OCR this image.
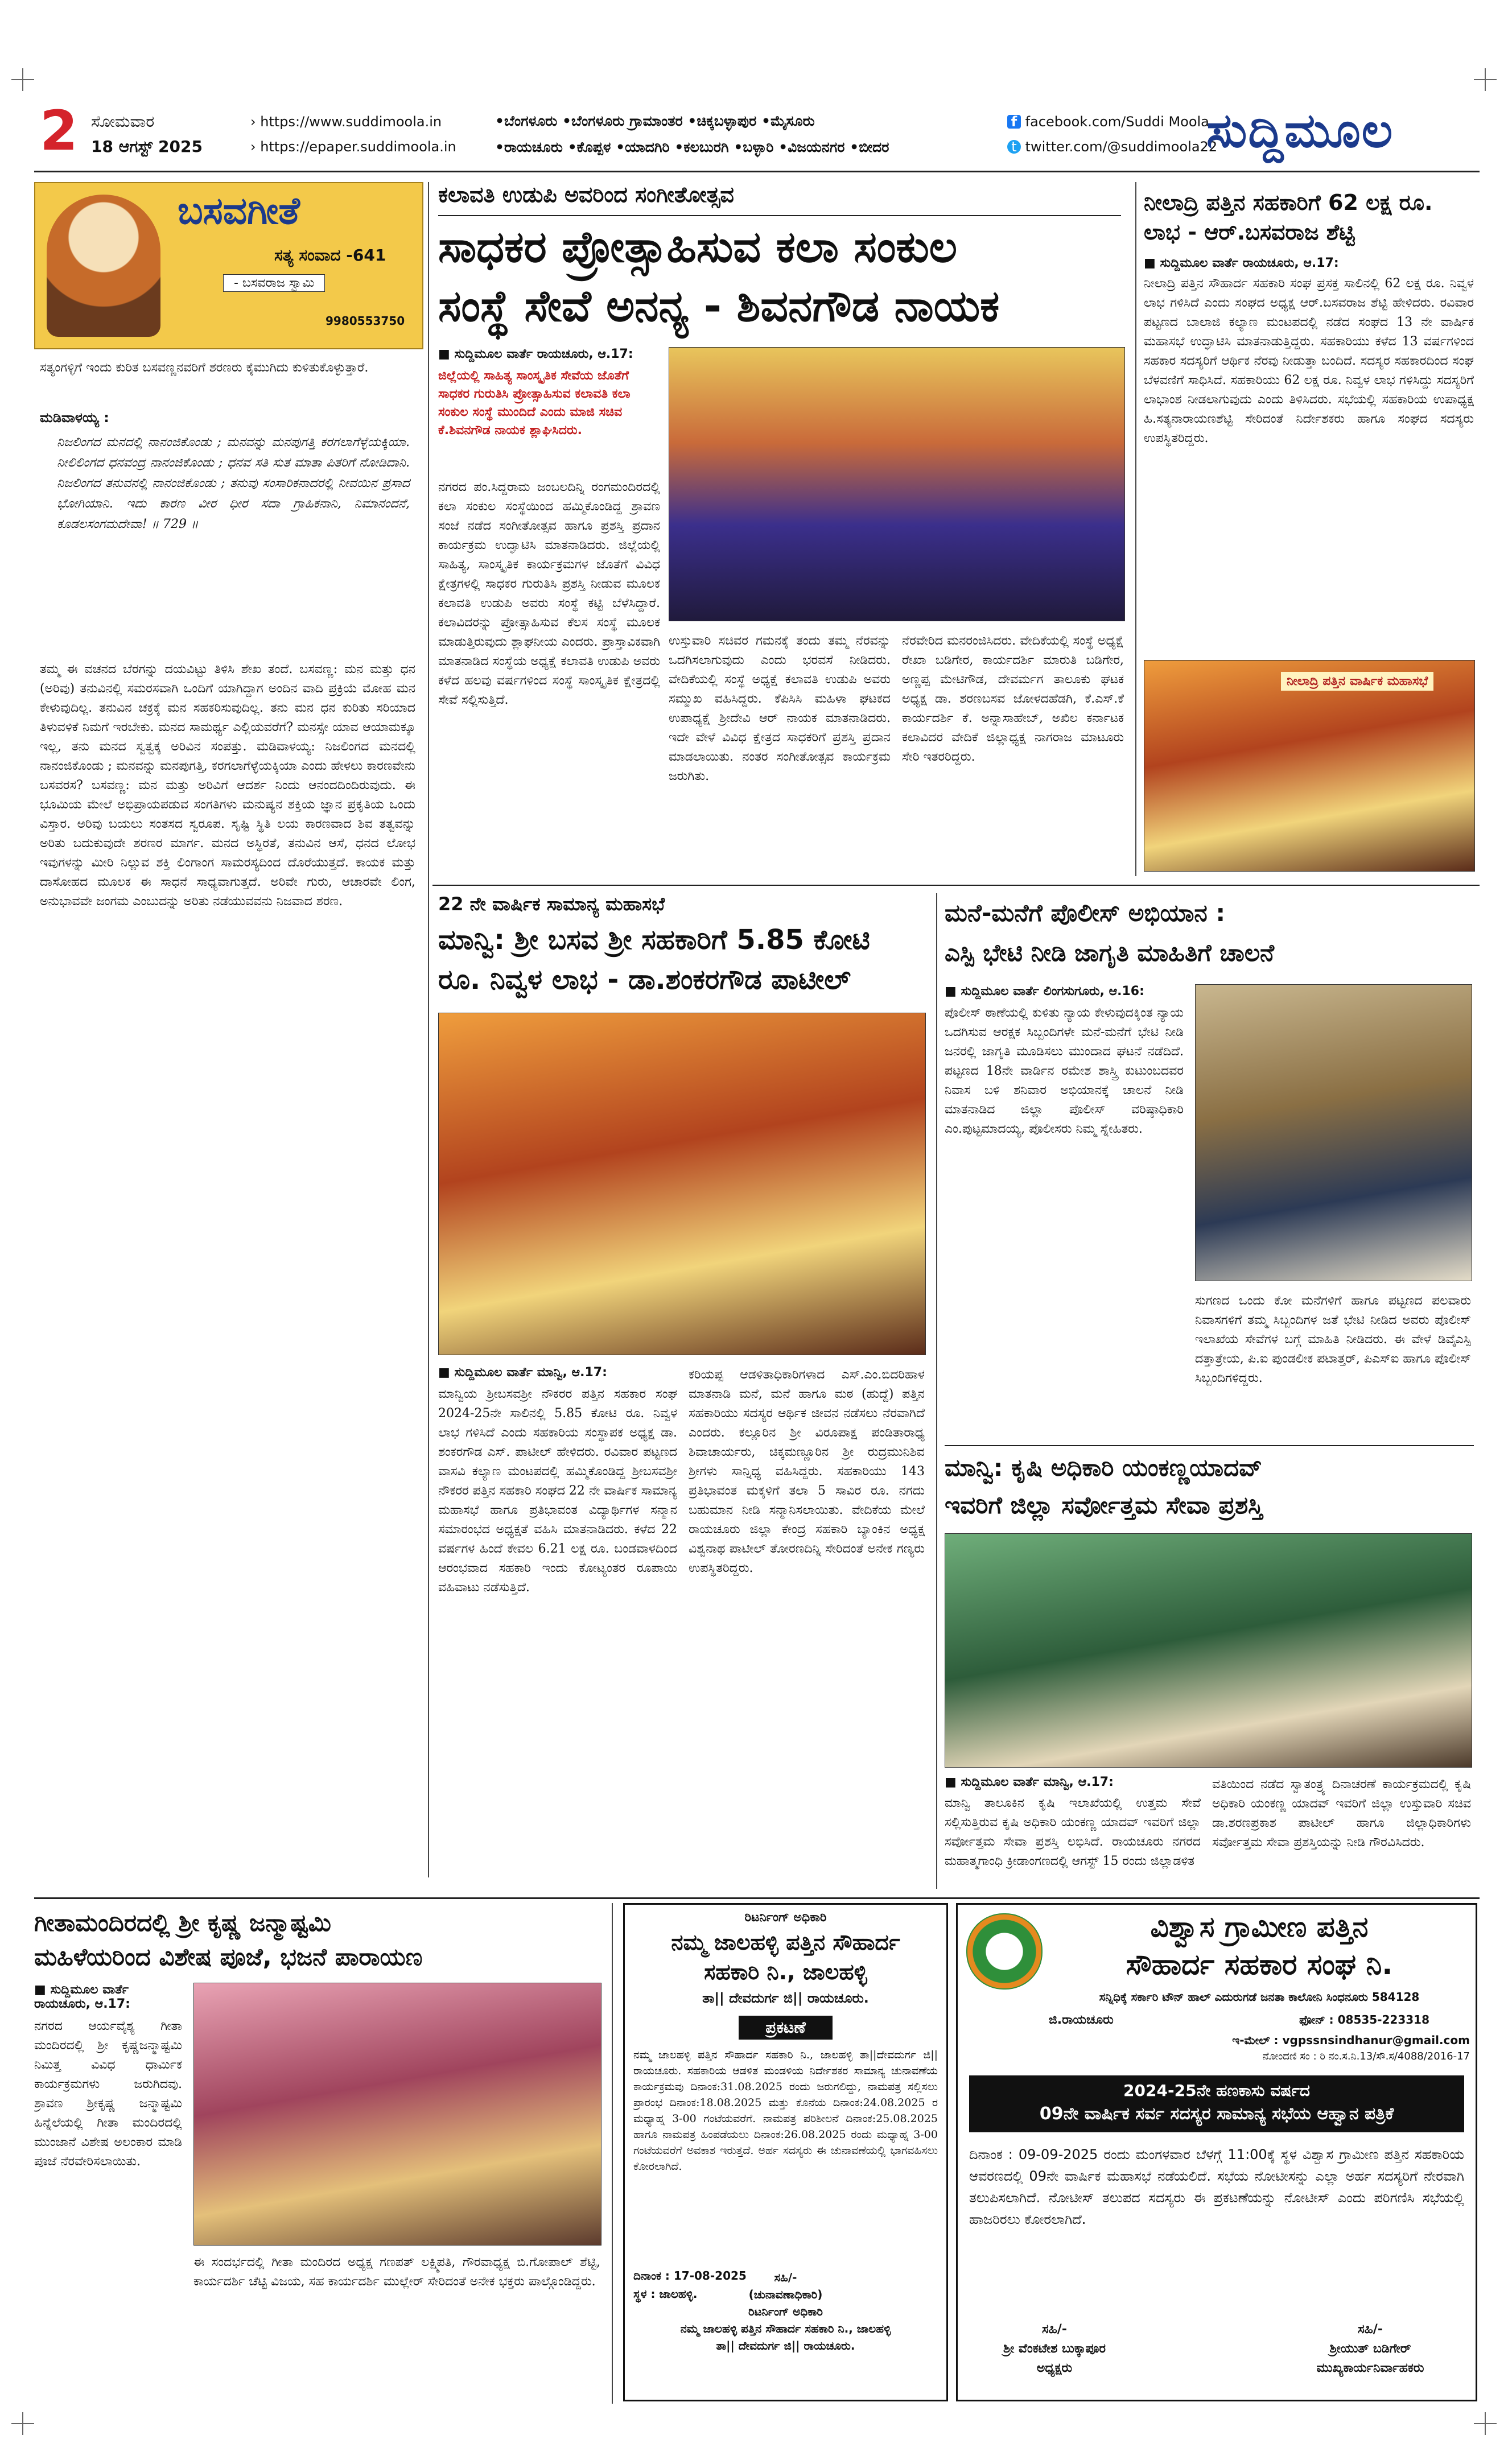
2 ಸೋಮವಾರ
18 ಆಗಸ್ಟ್ 2025
› https://www.suddimoola.in
› https://epaper.suddimoola.in
•ಬೆಂಗಳೂರು •ಬೆಂಗಳೂರು ಗ್ರಾಮಾಂತರ •ಚಿಕ್ಕಬಳ್ಳಾಪುರ •ಮೈಸೂರು
•ರಾಯಚೂರು •ಕೊಪ್ಪಳ •ಯಾದಗಿರಿ •ಕಲಬುರಗಿ •ಬಳ್ಳಾರಿ •ವಿಜಯನಗರ •ಬೀದರ
f facebook.com/Suddi Moola
t twitter.com/@suddimoola22
ಸುದ್ದಿಮೂಲ
ಬಸವಗೀತೆ
ಸತ್ಯ ಸಂವಾದ -641
- ಬಸವರಾಜ ಸ್ವಾಮಿ
9980553750
ಸತ್ಯಂಗಳ್ಳಿಗೆ ಇಂದು ಕುರಿತ ಬಸವಣ್ಣನವರಿಗೆ ಶರಣರು ಕೈಮುಗಿದು ಕುಳಿತುಕೊಳ್ಳುತ್ತಾರೆ.
ಮಡಿವಾಳಯ್ಯ :
ನಿಜಲಿಂಗದ ಮನದಲ್ಲಿ ನಾನಂಜಿಕೊಂಡು ; ಮನವನ್ನು ಮನಪುಗತ್ತಿ ಕರಗಲಾಗೆಳ್ಳೆಯಕ್ಕಿಯಾ. ನೀಲಿಲಿಂಗದ ಧನವಂದ್ರ ನಾನಂಜಿಕೊಂಡು ; ಧನವ ಸತಿ ಸುತ ಮಾತಾ ಪಿತರಿಗೆ ನೋಡಿದಾನಿ. ನಿಜಲಿಂಗದ ತನುವನಲ್ಲಿ ನಾನಂಜಿಕೊಂಡು ; ತನುವು ಸಂಸಾರಿಕನಾದರಲ್ಲಿ ನೀವಯಿನ ಪ್ರಸಾದ ಭೋಗಿಯಾನಿ. ಇದು ಕಾರಣ ವೀರ ಧೀರ ಸದಾ ಗ್ರಾಹಿಕನಾನಿ, ನಿಮಾನಂದನೆ, ಕೂಡಲಸಂಗಮದೇವಾ! ॥ 729 ॥
ತಮ್ಮ ಈ ವಚನದ ಬೆರಗನ್ನು ದಯವಿಟ್ಟು ತಿಳಿಸಿ ಶೇಖ ತಂದೆ. ಬಸವಣ್ಣ: ಮನ ಮತ್ತು ಧನ (ಅರಿವು) ತನುವಿನಲ್ಲಿ ಸಮರಸವಾಗಿ ಒಂದಿಗೆ ಯಾಗಿದ್ದಾಗ ಅಂದಿನ ವಾದಿ ಪ್ರಕ್ರಿಯೆ ಮೋಹ ಮನ ಕೇಳುವುದಿಲ್ಲ. ತನುವಿನ ಚಕ್ರಕ್ಕೆ ಮನ ಸಹಕರಿಸುವುದಿಲ್ಲ. ತನು ಮನ ಧನ ಕುರಿತು ಸರಿಯಾದ ತಿಳುವಳಿಕೆ ನಿಮಗೆ ಇರಬೇಕು. ಮನದ ಸಾಮರ್ಥ್ಯ ಎಲ್ಲಿಯವರೆಗೆ? ಮನಸ್ಸೇ ಯಾವ ಆಯಾಮಕ್ಕೂ ಇಲ್ಲ, ತನು ಮನದ ಸ್ವತ್ವಕ್ಕ ಅರಿವಿನ ಸಂಪತ್ತು. ಮಡಿವಾಳಯ್ಯ: ನಿಜಲಿಂಗದ ಮನದಲ್ಲಿ ನಾನಂಜಿಕೊಂಡು ; ಮನವನ್ನು ಮನಪುಗತ್ತಿ, ಕರಗಲಾಗೆಳ್ಳೆಯಕ್ಕಿಯಾ ಎಂದು ಹೇಳಲು ಕಾರಣವೇನು ಬಸವರಸ? ಬಸವಣ್ಣ: ಮನ ಮತ್ತು ಅರಿವಿಗೆ ಆದರ್ಶ ನಿಂದು ಆನಂದದಿಂದಿರುವುದು. ಈ ಭೂಮಿಯ ಮೇಲೆ ಅಭಿಪ್ರಾಯಪಡುವ ಸಂಗತಿಗಳು ಮನುಷ್ಯನ ಶಕ್ತಿಯ ಜ್ಞಾನ ಪ್ರಕೃತಿಯ ಒಂದು ವಿಸ್ತಾರ. ಅರಿವು ಬಯಲು ಸಂತಸದ ಸ್ವರೂಪ. ಸೃಷ್ಟಿ ಸ್ಥಿತಿ ಲಯ ಕಾರಣವಾದ ಶಿವ ತತ್ವವನ್ನು ಅರಿತು ಬದುಕುವುದೇ ಶರಣರ ಮಾರ್ಗ. ಮನದ ಅಸ್ಥಿರತೆ, ತನುವಿನ ಆಸೆ, ಧನದ ಲೋಭ ಇವುಗಳನ್ನು ಮೀರಿ ನಿಲ್ಲುವ ಶಕ್ತಿ ಲಿಂಗಾಂಗ ಸಾಮರಸ್ಯದಿಂದ ದೊರೆಯುತ್ತದೆ. ಕಾಯಕ ಮತ್ತು ದಾಸೋಹದ ಮೂಲಕ ಈ ಸಾಧನೆ ಸಾಧ್ಯವಾಗುತ್ತದೆ. ಅರಿವೇ ಗುರು, ಆಚಾರವೇ ಲಿಂಗ, ಅನುಭಾವವೇ ಜಂಗಮ ಎಂಬುದನ್ನು ಅರಿತು ನಡೆಯುವವನು ನಿಜವಾದ ಶರಣ.
ಕಲಾವತಿ ಉಡುಪಿ ಅವರಿಂದ ಸಂಗೀತೋತ್ಸವ
ಸಾಧಕರ ಪ್ರೋತ್ಸಾಹಿಸುವ ಕಲಾ ಸಂಕುಲ
ಸಂಸ್ಥೆ ಸೇವೆ ಅನನ್ಯ - ಶಿವನಗೌಡ ನಾಯಕ
■ ಸುದ್ದಿಮೂಲ ವಾರ್ತೆ ರಾಯಚೂರು, ಆ.17:
ಜಿಲ್ಲೆಯಲ್ಲಿ ಸಾಹಿತ್ಯ ಸಾಂಸ್ಕೃತಿಕ ಸೇವೆಯ ಜೊತೆಗೆ ಸಾಧಕರ ಗುರುತಿಸಿ ಪ್ರೋತ್ಸಾಹಿಸುವ ಕಲಾವತಿ ಕಲಾ ಸಂಕುಲ ಸಂಸ್ಥೆ ಮುಂದಿದೆ ಎಂದು ಮಾಜಿ ಸಚಿವ ಕೆ.ಶಿವನಗೌಡ ನಾಯಕ ಶ್ಲಾಘಿಸಿದರು.
ನಗರದ ಪಂ.ಸಿದ್ದರಾಮ ಜಂಬಲದಿನ್ನಿ ರಂಗಮಂದಿರದಲ್ಲಿ ಕಲಾ ಸಂಕುಲ ಸಂಸ್ಥೆಯಿಂದ ಹಮ್ಮಿಕೊಂಡಿದ್ದ ಶ್ರಾವಣ ಸಂಜೆ ನಡೆದ ಸಂಗೀತೋತ್ಸವ ಹಾಗೂ ಪ್ರಶಸ್ತಿ ಪ್ರದಾನ ಕಾರ್ಯಕ್ರಮ ಉದ್ಘಾಟಿಸಿ ಮಾತನಾಡಿದರು. ಜಿಲ್ಲೆಯಲ್ಲಿ ಸಾಹಿತ್ಯ, ಸಾಂಸ್ಕೃತಿಕ ಕಾರ್ಯಕ್ರಮಗಳ ಜೊತೆಗೆ ವಿವಿಧ ಕ್ಷೇತ್ರಗಳಲ್ಲಿ ಸಾಧಕರ ಗುರುತಿಸಿ ಪ್ರಶಸ್ತಿ ನೀಡುವ ಮೂಲಕ ಕಲಾವತಿ ಉಡುಪಿ ಅವರು ಸಂಸ್ಥೆ ಕಟ್ಟಿ ಬೆಳೆಸಿದ್ದಾರೆ. ಕಲಾವಿದರನ್ನು ಪ್ರೋತ್ಸಾಹಿಸುವ ಕೆಲಸ ಸಂಸ್ಥೆ ಮೂಲಕ ಮಾಡುತ್ತಿರುವುದು ಶ್ಲಾಘನೀಯ ಎಂದರು. ಪ್ರಾಸ್ತಾವಿಕವಾಗಿ ಮಾತನಾಡಿದ ಸಂಸ್ಥೆಯ ಅಧ್ಯಕ್ಷೆ ಕಲಾವತಿ ಉಡುಪಿ ಅವರು ಕಳೆದ ಹಲವು ವರ್ಷಗಳಿಂದ ಸಂಸ್ಥೆ ಸಾಂಸ್ಕೃತಿಕ ಕ್ಷೇತ್ರದಲ್ಲಿ ಸೇವೆ ಸಲ್ಲಿಸುತ್ತಿದೆ.
ಉಸ್ತುವಾರಿ ಸಚಿವರ ಗಮನಕ್ಕೆ ತಂದು ತಮ್ಮ ನೆರವನ್ನು ಒದಗಿಸಲಾಗುವುದು ಎಂದು ಭರವಸೆ ನೀಡಿದರು. ವೇದಿಕೆಯಲ್ಲಿ ಸಂಸ್ಥೆ ಅಧ್ಯಕ್ಷೆ ಕಲಾವತಿ ಉಡುಪಿ ಅವರು ಸಮ್ಮುಖ ವಹಿಸಿದ್ದರು. ಕೆಪಿಸಿಸಿ ಮಹಿಳಾ ಘಟಕದ ಉಪಾಧ್ಯಕ್ಷೆ ಶ್ರೀದೇವಿ ಆರ್ ನಾಯಕ ಮಾತನಾಡಿದರು. ಇದೇ ವೇಳೆ ವಿವಿಧ ಕ್ಷೇತ್ರದ ಸಾಧಕರಿಗೆ ಪ್ರಶಸ್ತಿ ಪ್ರದಾನ ಮಾಡಲಾಯಿತು. ನಂತರ ಸಂಗೀತೋತ್ಸವ ಕಾರ್ಯಕ್ರಮ ಜರುಗಿತು.
ನೆರವೇರಿದ ಮನರಂಜಿಸಿದರು. ವೇದಿಕೆಯಲ್ಲಿ ಸಂಸ್ಥೆ ಅಧ್ಯಕ್ಷೆ ರೇಖಾ ಬಡಿಗೇರ, ಕಾರ್ಯದರ್ಶಿ ಮಾರುತಿ ಬಡಿಗೇರ, ಅಣ್ಣಪ್ಪ ಮೇಟಿಗೌಡ, ದೇವರ್ಮಗ ತಾಲೂಕು ಘಟಕ ಅಧ್ಯಕ್ಷ ಡಾ. ಶರಣಬಸವ ಜೋಳದಹೆಡಗಿ, ಕೆ.ಎಸ್.ಕೆ ಕಾರ್ಯದರ್ಶಿ ಕೆ. ಅನ್ನಾಸಾಹೇಬ್, ಅಖಿಲ ಕರ್ನಾಟಕ ಕಲಾವಿದರ ವೇದಿಕೆ ಜಿಲ್ಲಾಧ್ಯಕ್ಷ ನಾಗರಾಜ ಮಾಟೂರು ಸೇರಿ ಇತರರಿದ್ದರು.
ನೀಲಾದ್ರಿ ಪತ್ತಿನ ಸಹಕಾರಿಗೆ 62 ಲಕ್ಷ ರೂ.
ಲಾಭ - ಆರ್.ಬಸವರಾಜ ಶೆಟ್ಟಿ
■ ಸುದ್ದಿಮೂಲ ವಾರ್ತೆ ರಾಯಚೂರು, ಆ.17:
ನೀಲಾದ್ರಿ ಪತ್ತಿನ ಸೌಹಾರ್ದ ಸಹಕಾರಿ ಸಂಘ ಪ್ರಸಕ್ತ ಸಾಲಿನಲ್ಲಿ 62 ಲಕ್ಷ ರೂ. ನಿವ್ವಳ ಲಾಭ ಗಳಿಸಿದೆ ಎಂದು ಸಂಘದ ಅಧ್ಯಕ್ಷ ಆರ್.ಬಸವರಾಜ ಶೆಟ್ಟಿ ಹೇಳಿದರು. ರವಿವಾರ ಪಟ್ಟಣದ ಬಾಲಾಜಿ ಕಲ್ಯಾಣ ಮಂಟಪದಲ್ಲಿ ನಡೆದ ಸಂಘದ 13 ನೇ ವಾರ್ಷಿಕ ಮಹಾಸಭೆ ಉದ್ಘಾಟಿಸಿ ಮಾತನಾಡುತ್ತಿದ್ದರು. ಸಹಕಾರಿಯು ಕಳೆದ 13 ವರ್ಷಗಳಿಂದ ಸಹಕಾರ ಸದಸ್ಯರಿಗೆ ಆರ್ಥಿಕ ನೆರವು ನೀಡುತ್ತಾ ಬಂದಿದೆ. ಸದಸ್ಯರ ಸಹಕಾರದಿಂದ ಸಂಘ ಬೆಳವಣಿಗೆ ಸಾಧಿಸಿದೆ. ಸಹಕಾರಿಯು 62 ಲಕ್ಷ ರೂ. ನಿವ್ವಳ ಲಾಭ ಗಳಿಸಿದ್ದು ಸದಸ್ಯರಿಗೆ ಲಾಭಾಂಶ ನೀಡಲಾಗುವುದು ಎಂದು ತಿಳಿಸಿದರು. ಸಭೆಯಲ್ಲಿ ಸಹಕಾರಿಯ ಉಪಾಧ್ಯಕ್ಷ ಹಿ.ಸತ್ಯನಾರಾಯಣಶೆಟ್ಟಿ ಸೇರಿದಂತೆ ನಿರ್ದೇಶಕರು ಹಾಗೂ ಸಂಘದ ಸದಸ್ಯರು ಉಪಸ್ಥಿತರಿದ್ದರು.
ನೀಲಾದ್ರಿ ಪತ್ತಿನ ವಾರ್ಷಿಕ ಮಹಾಸಭೆ
22 ನೇ ವಾರ್ಷಿಕ ಸಾಮಾನ್ಯ ಮಹಾಸಭೆ
ಮಾನ್ವಿ: ಶ್ರೀ ಬಸವ ಶ್ರೀ ಸಹಕಾರಿಗೆ 5.85 ಕೋಟಿ
ರೂ. ನಿವ್ವಳ ಲಾಭ - ಡಾ.ಶಂಕರಗೌಡ ಪಾಟೀಲ್
■ ಸುದ್ದಿಮೂಲ ವಾರ್ತೆ ಮಾನ್ವಿ, ಆ.17:
ಮಾನ್ವಿಯ ಶ್ರೀಬಸವಶ್ರೀ ನೌಕರರ ಪತ್ತಿನ ಸಹಕಾರ ಸಂಘ 2024-25ನೇ ಸಾಲಿನಲ್ಲಿ 5.85 ಕೋಟಿ ರೂ. ನಿವ್ವಳ ಲಾಭ ಗಳಿಸಿದೆ ಎಂದು ಸಹಕಾರಿಯ ಸಂಸ್ಥಾಪಕ ಅಧ್ಯಕ್ಷ ಡಾ. ಶಂಕರಗೌಡ ಎಸ್. ಪಾಟೀಲ್ ಹೇಳಿದರು. ರವಿವಾರ ಪಟ್ಟಣದ ವಾಸವಿ ಕಲ್ಯಾಣ ಮಂಟಪದಲ್ಲಿ ಹಮ್ಮಿಕೊಂಡಿದ್ದ ಶ್ರೀಬಸವಶ್ರೀ ನೌಕರರ ಪತ್ತಿನ ಸಹಕಾರಿ ಸಂಘದ 22 ನೇ ವಾರ್ಷಿಕ ಸಾಮಾನ್ಯ ಮಹಾಸಭೆ ಹಾಗೂ ಪ್ರತಿಭಾವಂತ ವಿದ್ಯಾರ್ಥಿಗಳ ಸನ್ಮಾನ ಸಮಾರಂಭದ ಅಧ್ಯಕ್ಷತೆ ವಹಿಸಿ ಮಾತನಾಡಿದರು. ಕಳೆದ 22 ವರ್ಷಗಳ ಹಿಂದೆ ಕೇವಲ 6.21 ಲಕ್ಷ ರೂ. ಬಂಡವಾಳದಿಂದ ಆರಂಭವಾದ ಸಹಕಾರಿ ಇಂದು ಕೋಟ್ಯಂತರ ರೂಪಾಯಿ ವಹಿವಾಟು ನಡೆಸುತ್ತಿದೆ.
ಕರಿಯಪ್ಪ ಆಡಳಿತಾಧಿಕಾರಿಗಳಾದ ಎಸ್.ಎಂ.ಬಿದರಿಹಾಳ ಮಾತನಾಡಿ ಮನೆ, ಮನೆ ಹಾಗೂ ಮಠ (ಹುದ್ದೆ) ಪತ್ತಿನ ಸಹಕಾರಿಯು ಸದಸ್ಯರ ಆರ್ಥಿಕ ಜೀವನ ನಡೆಸಲು ನೆರವಾಗಿದೆ ಎಂದರು. ಕಲ್ಲೂರಿನ ಶ್ರೀ ವಿರೂಪಾಕ್ಷ ಪಂಡಿತಾರಾಧ್ಯ ಶಿವಾಚಾರ್ಯರು, ಚಿಕ್ಕಮಣ್ಣೂರಿನ ಶ್ರೀ ರುದ್ರಮುನಿಶಿವ ಶ್ರೀಗಳು ಸಾನ್ನಿಧ್ಯ ವಹಿಸಿದ್ದರು. ಸಹಕಾರಿಯು 143 ಪ್ರತಿಭಾವಂತ ಮಕ್ಕಳಿಗೆ ತಲಾ 5 ಸಾವಿರ ರೂ. ನಗದು ಬಹುಮಾನ ನೀಡಿ ಸನ್ಮಾನಿಸಲಾಯಿತು. ವೇದಿಕೆಯ ಮೇಲೆ ರಾಯಚೂರು ಜಿಲ್ಲಾ ಕೇಂದ್ರ ಸಹಕಾರಿ ಬ್ಯಾಂಕಿನ ಅಧ್ಯಕ್ಷ ವಿಶ್ವನಾಥ ಪಾಟೀಲ್ ತೋರಣದಿನ್ನಿ ಸೇರಿದಂತೆ ಅನೇಕ ಗಣ್ಯರು ಉಪಸ್ಥಿತರಿದ್ದರು.
ಮನೆ-ಮನೆಗೆ ಪೊಲೀಸ್ ಅಭಿಯಾನ :
ಎಸ್ಪಿ ಭೇಟಿ ನೀಡಿ ಜಾಗೃತಿ ಮಾಹಿತಿಗೆ ಚಾಲನೆ
■ ಸುದ್ದಿಮೂಲ ವಾರ್ತೆ ಲಿಂಗಸುಗೂರು, ಆ.16:
ಪೊಲೀಸ್ ಠಾಣೆಯಲ್ಲಿ ಕುಳಿತು ನ್ಯಾಯ ಕೇಳುವುದಕ್ಕಿಂತ ನ್ಯಾಯ ಒದಗಿಸುವ ಆರಕ್ಷಕ ಸಿಬ್ಬಂದಿಗಳೇ ಮನೆ-ಮನೆಗೆ ಭೇಟಿ ನೀಡಿ ಜನರಲ್ಲಿ ಜಾಗೃತಿ ಮೂಡಿಸಲು ಮುಂದಾದ ಘಟನೆ ನಡೆದಿದೆ. ಪಟ್ಟಣದ 18ನೇ ವಾರ್ಡಿನ ರಮೇಶ ಶಾಸ್ತ್ರಿ ಕುಟುಂಬದವರ ನಿವಾಸ ಬಳಿ ಶನಿವಾರ ಅಭಿಯಾನಕ್ಕೆ ಚಾಲನೆ ನೀಡಿ ಮಾತನಾಡಿದ ಜಿಲ್ಲಾ ಪೊಲೀಸ್ ವರಿಷ್ಠಾಧಿಕಾರಿ ಎಂ.ಪುಟ್ಟಮಾದಯ್ಯ, ಪೊಲೀಸರು ನಿಮ್ಮ ಸ್ನೇಹಿತರು.
ಸುಗಣದ ಒಂದು ಕೋ ಮನೆಗಳಿಗೆ ಹಾಗೂ ಪಟ್ಟಣದ ಪಲವಾರು ನಿವಾಸಗಳಿಗೆ ತಮ್ಮ ಸಿಬ್ಬಂದಿಗಳ ಜತೆ ಭೇಟಿ ನೀಡಿದ ಅವರು ಪೊಲೀಸ್ ಇಲಾಖೆಯ ಸೇವೆಗಳ ಬಗ್ಗೆ ಮಾಹಿತಿ ನೀಡಿದರು. ಈ ವೇಳೆ ಡಿವೈಎಸ್ಪಿ ದತ್ತಾತ್ರೇಯ, ಪಿ.ಐ ಪುಂಡಲೀಕ ಪಟಾತ್ತರ್, ಪಿಎಸ್‌ಐ ಹಾಗೂ ಪೊಲೀಸ್ ಸಿಬ್ಬಂದಿಗಳಿದ್ದರು.
ಮಾನ್ವಿ: ಕೃಷಿ ಅಧಿಕಾರಿ ಯಂಕಣ್ಣಯಾದವ್
ಇವರಿಗೆ ಜಿಲ್ಲಾ ಸರ್ವೋತ್ತಮ ಸೇವಾ ಪ್ರಶಸ್ತಿ
■ ಸುದ್ದಿಮೂಲ ವಾರ್ತೆ ಮಾನ್ವಿ, ಆ.17:
ಮಾನ್ವಿ ತಾಲೂಕಿನ ಕೃಷಿ ಇಲಾಖೆಯಲ್ಲಿ ಉತ್ತಮ ಸೇವೆ ಸಲ್ಲಿಸುತ್ತಿರುವ ಕೃಷಿ ಅಧಿಕಾರಿ ಯಂಕಣ್ಣ ಯಾದವ್ ಇವರಿಗೆ ಜಿಲ್ಲಾ ಸರ್ವೋತ್ತಮ ಸೇವಾ ಪ್ರಶಸ್ತಿ ಲಭಿಸಿದೆ. ರಾಯಚೂರು ನಗರದ ಮಹಾತ್ಮಗಾಂಧಿ ಕ್ರೀಡಾಂಗಣದಲ್ಲಿ ಆಗಸ್ಟ್ 15 ರಂದು ಜಿಲ್ಲಾಡಳಿತ
ವತಿಯಿಂದ ನಡೆದ ಸ್ವಾತಂತ್ರ್ಯ ದಿನಾಚರಣೆ ಕಾರ್ಯಕ್ರಮದಲ್ಲಿ ಕೃಷಿ ಅಧಿಕಾರಿ ಯಂಕಣ್ಣ ಯಾದವ್ ಇವರಿಗೆ ಜಿಲ್ಲಾ ಉಸ್ತುವಾರಿ ಸಚಿವ ಡಾ.ಶರಣಪ್ರಕಾಶ ಪಾಟೀಲ್ ಹಾಗೂ ಜಿಲ್ಲಾಧಿಕಾರಿಗಳು ಸರ್ವೋತ್ತಮ ಸೇವಾ ಪ್ರಶಸ್ತಿಯನ್ನು ನೀಡಿ ಗೌರವಿಸಿದರು.
ಗೀತಾಮಂದಿರದಲ್ಲಿ ಶ್ರೀ ಕೃಷ್ಣ ಜನ್ಮಾಷ್ಟಮಿ
ಮಹಿಳೆಯರಿಂದ ವಿಶೇಷ ಪೂಜೆ, ಭಜನೆ ಪಾರಾಯಣ
■ ಸುದ್ದಿಮೂಲ ವಾರ್ತೆ ರಾಯಚೂರು, ಆ.17:
ನಗರದ ಆರ್ಯವೈಶ್ಯ ಗೀತಾ ಮಂದಿರದಲ್ಲಿ ಶ್ರೀ ಕೃಷ್ಣಜನ್ಮಾಷ್ಟಮಿ ನಿಮಿತ್ತ ವಿವಿಧ ಧಾರ್ಮಿಕ ಕಾರ್ಯಕ್ರಮಗಳು ಜರುಗಿದವು. ಶ್ರಾವಣ ಶ್ರೀಕೃಷ್ಣ ಜನ್ಮಾಷ್ಟಮಿ ಹಿನ್ನೆಲೆಯಲ್ಲಿ ಗೀತಾ ಮಂದಿರದಲ್ಲಿ ಮುಂಜಾನೆ ವಿಶೇಷ ಅಲಂಕಾರ ಮಾಡಿ ಪೂಜೆ ನೆರವೇರಿಸಲಾಯಿತು.
ಈ ಸಂದರ್ಭದಲ್ಲಿ ಗೀತಾ ಮಂದಿರದ ಅಧ್ಯಕ್ಷ ಗಣಪತ್ ಲಕ್ಷ್ಮಿಪತಿ, ಗೌರವಾಧ್ಯಕ್ಷ ಬಿ.ಗೋಪಾಲ್ ಶೆಟ್ಟಿ, ಕಾರ್ಯದರ್ಶಿ ಚೆಟ್ಟಿ ವಿಜಯ, ಸಹ ಕಾರ್ಯದರ್ಶಿ ಮುಲ್ಲೇರ್ ಸೇರಿದಂತೆ ಅನೇಕ ಭಕ್ತರು ಪಾಲ್ಗೊಂಡಿದ್ದರು.
ರಿಟರ್ನಿಂಗ್ ಅಧಿಕಾರಿ
ನಮ್ಮ ಜಾಲಹಳ್ಳಿ ಪತ್ತಿನ ಸೌಹಾರ್ದ
ಸಹಕಾರಿ ನಿ., ಜಾಲಹಳ್ಳಿ
ತಾ|| ದೇವದುರ್ಗ ಜಿ|| ರಾಯಚೂರು.
ಪ್ರಕಟಣೆ
ನಮ್ಮ ಜಾಲಹಳ್ಳಿ ಪತ್ತಿನ ಸೌಹಾರ್ದ ಸಹಕಾರಿ ನಿ., ಜಾಲಹಳ್ಳಿ ತಾ||ದೇವದುರ್ಗ ಜಿ||ರಾಯಚೂರು. ಸಹಕಾರಿಯ ಆಡಳಿತ ಮಂಡಳಿಯ ನಿರ್ದೇಶಕರ ಸಾಮಾನ್ಯ ಚುನಾವಣೆಯ ಕಾರ್ಯಕ್ರಮವು ದಿನಾಂಕ:31.08.2025 ರಂದು ಜರುಗಲಿದ್ದು, ನಾಮಪತ್ರ ಸಲ್ಲಿಸಲು ಪ್ರಾರಂಭ ದಿನಾಂಕ:18.08.2025 ಮತ್ತು ಕೊನೆಯ ದಿನಾಂಕ:24.08.2025 ರ ಮಧ್ಯಾಹ್ನ 3-00 ಗಂಟೆಯವರೆಗೆ. ನಾಮಪತ್ರ ಪರಿಶೀಲನೆ ದಿನಾಂಕ:25.08.2025 ಹಾಗೂ ನಾಮಪತ್ರ ಹಿಂಪಡೆಯಲು ದಿನಾಂಕ:26.08.2025 ರಂದು ಮಧ್ಯಾಹ್ನ 3-00 ಗಂಟೆಯವರೆಗೆ ಅವಕಾಶ ಇರುತ್ತದೆ. ಅರ್ಹ ಸದಸ್ಯರು ಈ ಚುನಾವಣೆಯಲ್ಲಿ ಭಾಗವಹಿಸಲು ಕೋರಲಾಗಿದೆ.
ದಿನಾಂಕ : 17-08-2025
ಸ್ಥಳ : ಜಾಲಹಳ್ಳಿ.
ಸಹಿ/-
(ಚುನಾವಣಾಧಿಕಾರಿ)
ರಿಟರ್ನಿಂಗ್ ಅಧಿಕಾರಿ
ನಮ್ಮ ಜಾಲಹಳ್ಳಿ ಪತ್ತಿನ ಸೌಹಾರ್ದ ಸಹಕಾರಿ ನಿ., ಜಾಲಹಳ್ಳಿ
ತಾ|| ದೇವದುರ್ಗ ಜಿ|| ರಾಯಚೂರು.
ವಿಶ್ವಾಸ ಗ್ರಾಮೀಣ ಪತ್ತಿನ
ಸೌಹಾರ್ದ ಸಹಕಾರ ಸಂಘ ನಿ.
ಸನ್ನಿಧಿಕ್ಕೆ ಸರ್ಕಾರಿ ಟೌನ್ ಹಾಲ್ ಎದುರುಗಡೆ ಜನತಾ ಕಾಲೋನಿ ಸಿಂಧನೂರು 584128
ಜಿ.ರಾಯಚೂರು	ಫೋನ್ : 08535-223318
ಇ-ಮೇಲ್ : vgpssnsindhanur@gmail.com
ನೋಂದಣಿ ಸಂ : ರಿ ನಂ.ಸ.ನಿ.13/ಸೌ.ಸ/4088/2016-17
2024-25ನೇ ಹಣಕಾಸು ವರ್ಷದ
09ನೇ ವಾರ್ಷಿಕ ಸರ್ವ ಸದಸ್ಯರ ಸಾಮಾನ್ಯ ಸಭೆಯ ಆಹ್ವಾನ ಪತ್ರಿಕೆ
ದಿನಾಂಕ : 09-09-2025 ರಂದು ಮಂಗಳವಾರ ಬೆಳಗ್ಗೆ 11:00ಕ್ಕೆ ಸ್ಥಳ ವಿಶ್ವಾಸ ಗ್ರಾಮೀಣ ಪತ್ತಿನ ಸಹಕಾರಿಯ ಆವರಣದಲ್ಲಿ 09ನೇ ವಾರ್ಷಿಕ ಮಹಾಸಭೆ ನಡೆಯಲಿದೆ. ಸಭೆಯ ನೋಟೀಸನ್ನು ಎಲ್ಲಾ ಅರ್ಹ ಸದಸ್ಯರಿಗೆ ನೇರವಾಗಿ ತಲುಪಿಸಲಾಗಿದೆ. ನೋಟೀಸ್ ತಲುಪದ ಸದಸ್ಯರು ಈ ಪ್ರಕಟಣೆಯನ್ನು ನೋಟೀಸ್ ಎಂದು ಪರಿಗಣಿಸಿ ಸಭೆಯಲ್ಲಿ ಹಾಜರಿರಲು ಕೋರಲಾಗಿದೆ.
ಸಹಿ/-
ಶ್ರೀ ವೆಂಕಟೇಶ ಬುಕ್ಕಾಪೂರ
ಅಧ್ಯಕ್ಷರು
ಸಹಿ/-
ಶ್ರೀಯುತ್ ಬಡಿಗೇರ್
ಮುಖ್ಯಕಾರ್ಯನಿರ್ವಾಹಕರು
